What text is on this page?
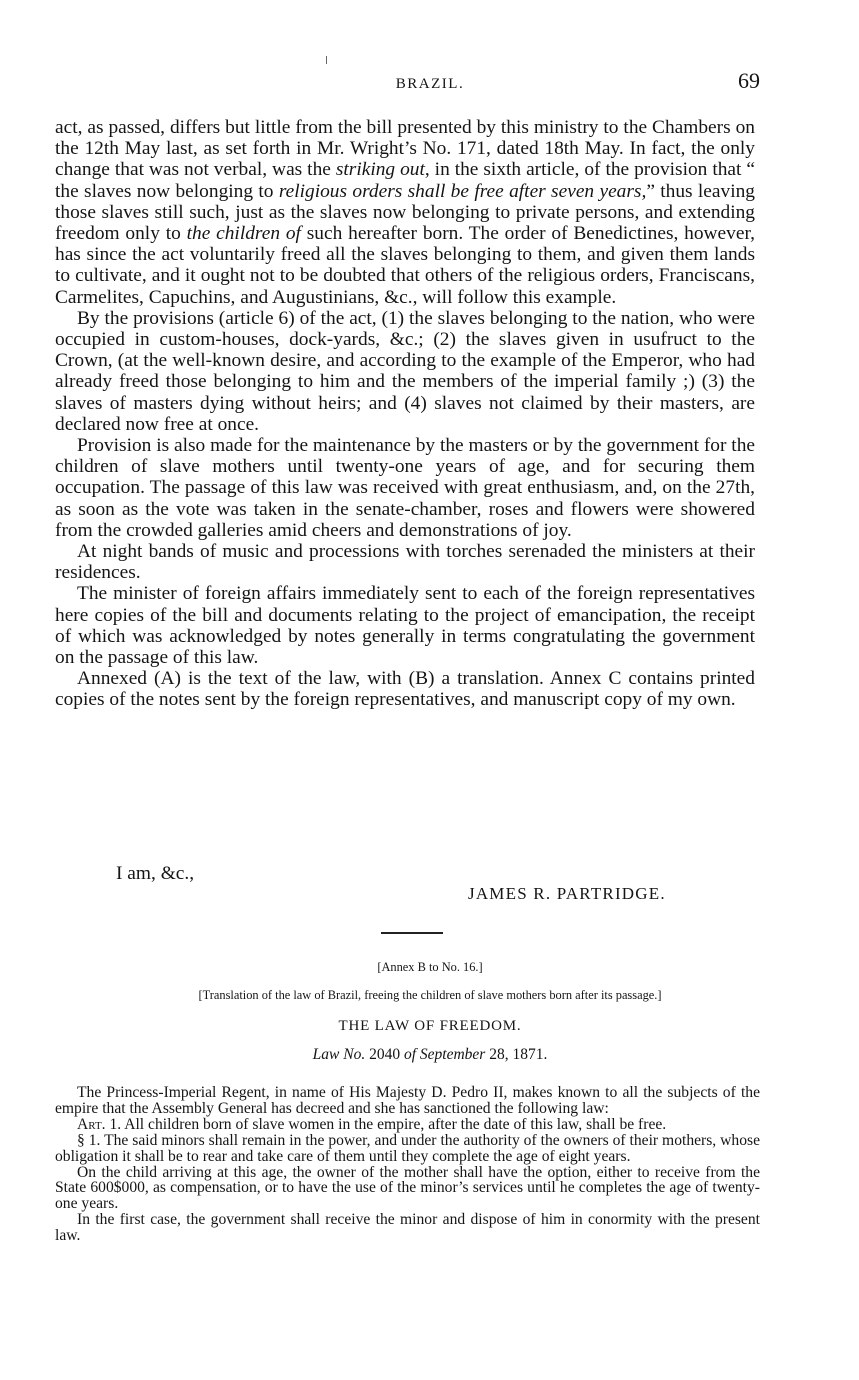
BRAZIL.	69

act, as passed, differs but little from the bill presented by this ministry to the Chambers on the 12th May last, as set forth in Mr. Wright’s No. 171, dated 18th May. In fact, the only change that was not verbal, was the striking out, in the sixth article, of the provision that “ the slaves now belonging to religious orders shall be free after seven years,” thus leaving those slaves still such, just as the slaves now belonging to private persons, and extending freedom only to the children of such hereafter born. The order of Benedictines, however, has since the act voluntarily freed all the slaves belonging to them, and given them lands to cultivate, and it ought not to be doubted that others of the religious orders, Franciscans, Carmelites, Capuchins, and Augustinians, &c., will follow this example.

By the provisions (article 6) of the act, (1) the slaves belonging to the nation, who were occupied in custom-houses, dock-yards, &c.; (2) the slaves given in usufruct to the Crown, (at the well-known desire, and according to the example of the Emperor, who had already freed those belonging to him and the members of the imperial family ;) (3) the slaves of masters dying without heirs; and (4) slaves not claimed by their masters, are declared now free at once.

Provision is also made for the maintenance by the masters or by the government for the children of slave mothers until twenty-one years of age, and for securing them occupation. The passage of this law was received with great enthusiasm, and, on the 27th, as soon as the vote was taken in the senate-chamber, roses and flowers were showered from the crowded galleries amid cheers and demonstrations of joy.

At night bands of music and processions with torches serenaded the ministers at their residences.

The minister of foreign affairs immediately sent to each of the foreign representatives here copies of the bill and documents relating to the project of emancipation, the receipt of which was acknowledged by notes generally in terms congratulating the government on the passage of this law.

Annexed (A) is the text of the law, with (B) a translation. Annex C contains printed copies of the notes sent by the foreign representatives, and manuscript copy of my own.

I am, &c.,
JAMES R. PARTRIDGE.
[Annex B to No. 16.]
[Translation of the law of Brazil, freeing the children of slave mothers born after its passage.]
THE LAW OF FREEDOM.
Law No. 2040 of September 28, 1871.

The Princess-Imperial Regent, in name of His Majesty D. Pedro II, makes known to all the subjects of the empire that the Assembly General has decreed and she has sanctioned the following law:

Art. 1. All children born of slave women in the empire, after the date of this law, shall be free.

§ 1. The said minors shall remain in the power, and under the authority of the owners of their mothers, whose obligation it shall be to rear and take care of them until they complete the age of eight years.

On the child arriving at this age, the owner of the mother shall have the option, either to receive from the State 600$000, as compensation, or to have the use of the minor’s services until he completes the age of twenty-one years.

In the first case, the government shall receive the minor and dispose of him in conormity with the present law.
